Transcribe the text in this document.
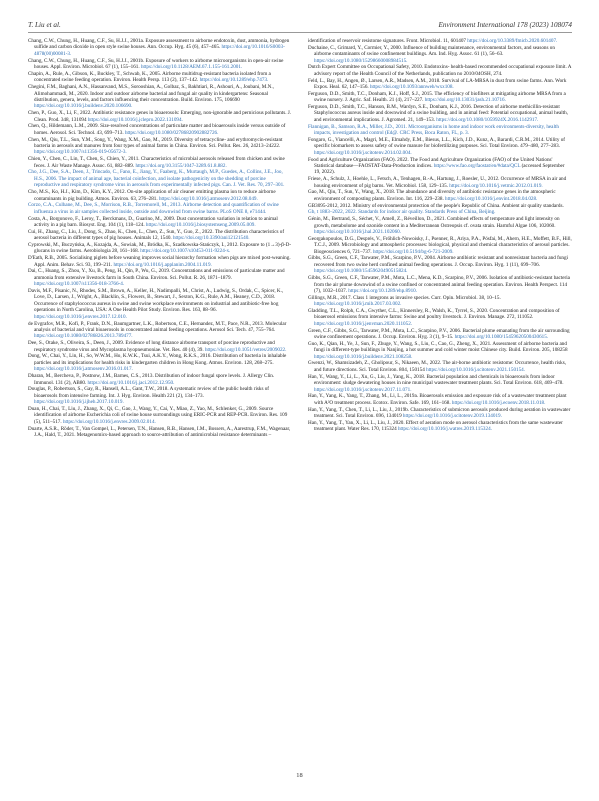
T. Liu et al.	Environment International 178 (2023) 108074

Chang, C.W., Chung, H., Huang, C.F., Su, H.J.J., 2001a. Exposure assessment to airborne endotoxin, dust, ammonia, hydrogen sulfide and carbon dioxide in open style swine houses. Ann. Occup. Hyg. 45 (6), 457–465. https://doi.org/10.1016/S0003-4878(00)00081-3.

Chang, C.W., Chung, H., Huang, C.F., Su, H.J.J., 2001b. Exposure of workers to airborne microorganisms in open-air swine houses. Appl. Environ. Microbiol. 67 (1), 155–161. https://doi.org/10.1128/AEM.67.1.155-161.2001.

Chapin, A., Rule, A., Gibson, K., Buckley, T., Schwab, K., 2005. Airborne multidrug-resistant bacteria isolated from a concentrated swine feeding operation. Environ. Health Persp. 113 (2), 137–142. https://doi.org/10.1289/ehp.7473.

Chegini, F.M., Baghani, A.N., Hassanvand, M.S., Sorooshian, A., Golbaz, S., Bakhtiari, R., Ashouri, A., Joubani, M.N., Alimohammadi, M., 2020. Indoor and outdoor airborne bacterial and fungal air quality in kindergartens: Seasonal distribution, genera, levels, and factors influencing their concentration. Build. Environ. 175, 106690 https://doi.org/10.1016/j.buildenv.2020.106690.

Chen, P., Guo, X., Li, F., 2022. Antibiotic resistance genes in bioaerosols: Emerging, non-ignorable and pernicious pollutants. J. Clean. Prod. 348, 131094 https://doi.org/10.1016/j.jclepro.2022.131094.

Chen, Q., Hildemann, L.M., 2009. Size-resolved concentrations of particulate matter and bioaerosols inside versus outside of homes. Aerosol. Sci. Technol. 43, 699–713. https://doi.org/10.1080/02786820902882726.

Chen, M., Qiu, T.L., Sun, Y.M., Song, Y., Wang, X.M., Gao, M., 2019. Diversity of tetracycline- and erythromycin-resistant bacteria in aerosols and manures from four types of animal farms in China. Environ. Sci. Pollut. Res. 26, 24213–24222. https://doi.org/10.1007/s11356-019-05672-3.

Chien, Y., Chen, C., Lin, T., Chen, S., Chien, Y., 2011. Characteristics of microbial aerosols released from chicken and swine feces. J. Air Waste Manage. Assoc. 61, 882–889. https://doi.org/10.3155/1047-3289.61.8.882.

Cho, J.G., Dee, S.A., Deen, J., Trincado, C., Fano, E., Jiang, Y., Faaberg, K., Murtaugh, M.P., Guedes, A., Collins, J.E., Joo, H.S., 2006. The impact of animal age, bacterial coinfection, and isolate pathogenicity on the shedding of porcine reproductive and respiratory syndrome virus in aerosols from experimentally infected pigs. Can. J. Vet. Res. 70, 297–301.

Cho, M.S., Ko, H.J., Kim, D., Kim, K.Y., 2012. On-site application of air cleaner emitting plasma ion to reduce airborne contaminants in pig building. Atmos. Environ. 63, 276–281. https://doi.org/10.1016/j.atmosenv.2012.08.049.

Corzo, C.A., Culhane, M., Dee, S., Morrison, R.B., Torremorell, M., 2013. Airborne detection and quantification of swine influenza a virus in air samples collected inside, outside and downwind from swine barns. PLoS ONE 8, e71444.

Costa, A., Borgonovo, F., Leroy, T., Berckmans, D., Guarino, M., 2009. Dust concentration variation in relation to animal activity in a pig barn. Biosyst. Eng. 104 (1), 118–124. https://doi.org/10.1016/j.biosystemseng.2009.05.009.

Cui, H., Zhang, C., Liu, J., Dong, S., Zhao, K., Chen, L., Chen, Z., Sun, Y., Guo, Z., 2022. The distribution characteristics of aerosol bacteria in different types of pig houses. Animals 12, 1540. https://doi.org/10.3390/ani12121540.

Cyprowski, M., Buczyńska, A., Kozajda, A., Sowiak, M., Bródka, K., Szadkowska-Stańczyk, I., 2012. Exposure to (1→3)-β-D-glucans in swine farms. Aerobiologia 28, 161–168. https://doi.org/10.1007/s10453-011-9224-x.

D'Eath, R.B., 2005. Socialising piglets before weaning improves social hierarchy formation when pigs are mixed post-weaning. Appl. Anim. Behav. Sci. 93, 199–211. https://doi.org/10.1016/j.applanim.2004.11.019.

Dai, C., Huang, S., Zhou, Y., Xu, B., Peng, H., Qin, P., Wu, G., 2019. Concentrations and emissions of particulate matter and ammonia from extensive livestock farm in South China. Environ. Sci. Pollut. R. 26, 1871–1879. https://doi.org/10.1007/s11356-018-3766-4.

Davis, M.F., Pisanic, N., Rhodes, S.M., Brown, A., Keller, H., Nadimpalli, M., Christ, A., Ludwig, S., Ordak, C., Spicer, K., Love, D., Larsen, J., Wright, A., Blacklin, S., Flowers, B., Stewart, J., Sexton, K.G., Rule, A.M., Heaney, C.D., 2018. Occurrence of staphylococcus aureus in swine and swine workplace environments on industrial and antibiotic-free hog operations in North Carolina, USA: A One Health Pilot Study. Environ. Res. 163, 88–96. https://doi.org/10.1016/j.envres.2017.12.010.

de Evgrafov, M.R., Kofi, P., Frank, D.N., Baumgartner, L.K., Robertson, C.E., Hernandez, M.T., Pace, N.R., 2013. Molecular analysis of bacterial and viral bioaerosols in concentrated animal feeding operations. Aerosol Sci. Tech. 47, 755–764. https://doi.org/10.1080/02786826.2013.789477.

Dee, S., Otake, S., Oliveira, S., Deen, J., 2009. Evidence of long distance airborne transport of porcine reproductive and respiratory syndrome virus and Mycoplasma hyopneumoniae. Vet. Res. 40 (4), 39. https://doi.org/10.1051/vetres/2009022.

Dong, W., Chai, Y., Lin, H., So, W.W.M., Ho, K.W.K., Tsui, A.K.Y., Wong, R.K.S., 2016. Distribution of bacteria in inhalable particles and its implications for health risks in kindergarten children in Hong Kong. Atmos. Environ. 128, 268–275. https://doi.org/10.1016/j.atmosenv.2016.01.017.

Dharan, M., Bercheva, P., Postnow, J.M., Barnes, C.S., 2013. Distribution of indoor fungal spore levels. J. Allergy Clin. Immunol. 131 (2), AB80. https://doi.org/10.1016/j.jaci.2012.12.950.

Douglas, P., Robertson, S., Gay, R., Hansell, A.L., Gant, T.W., 2018. A systematic review of the public health risks of bioaerosols from intensive farming. Int. J. Hyg. Environ. Health 221 (2), 134–173. https://doi.org/10.1016/j.ijheh.2017.10.019.

Duan, H., Chai, T., Liu, J., Zhang, X., Qi, C., Gao, J., Wang, Y., Cai, Y., Miao, Z., Yao, M., Schlenker, G., 2009. Source identification of airborne Escherichia coli of swine house surroundings using ERIC-PCR and REP-PCR. Environ. Res. 109 (5), 511–517. https://doi.org/10.1016/j.envres.2009.02.014.

Duarte, A.S.R., Röder, T., Van Gompel, L., Petersen, T.N., Hansen, R.B., Hansen, I.M., Bossers, A., Aarestrup, F.M., Wagenaar, J.A., Hald, T., 2021. Metagenomics-based approach to source-attribution of antimicrobial resistance determinants –

identification of reservoir resistome signatures. Front. Microbiol. 11, 601407 https://doi.org/10.3389/fmicb.2020.601407.

Duchaine, C., Grimard, Y., Cormier, Y., 2000. Influence of building maintenance, environmental factors, and seasons on airborne contaminants of swine confinement buildings. Am. Ind. Hyg. Assoc. 61 (1), 56–63. https://doi.org/10.1080/15298660008984515.

Dutch Expert Committee on Occupational Safety, 2010. Endotoxins- health-based recommended occupational exposure limit. A advisory report of the Health Council of the Netherlands, publication no 2010/04OSH, 274.

Feld, L., Bay, H., Angen, Ø., Larsen, A.R., Madsen, A.M., 2018. Survival of LA-MRSA in dust from swine farms. Ann. Work Expos. Heal. 62, 147–156. https://doi.org/10.1093/annweh/wxx108.

Ferguson, D.D., Smith, T.C., Donham, K.J., Hoff, S.J., 2015. The efficiency of biofilters at mitigating airborne MRSA from a swine nursery. J. Agric. Saf. Health. 21 (4), 217–227. https://doi.org/10.13031/jash.21.10716.

Ferguson, D.D., Smith, T.C., Hanson, B.M., Wardyn, S.E., Donham, K.J., 2016. Detection of airborne methicillin-resistant Staphylococcus aureus inside and downwind of a swine building, and in animal feed: Potential occupational, animal health, and environmental implications. J. Agromed. 21, 149–153. https://doi.org/10.1080/1059924X.2016.1142917.

Flannigan, B., Samson, R.A., Miller, J.D., 2011. Microorganisms in home and indoor work environments-diversity, health impacts, investigation and control (Ed@. CRC Press, Boca Raton, FL, p. 3.

Fongaro, G., Viancelli, A., Magri, M.E., Elmahdy, E.M., Biesus, L.L., Kich, J.D., Kunz, A., Barardi, C.R.M., 2014. Utility of specific biomarkers to assess safety of swine manure for biofertilizing purposes. Sci. Total Environ. 479–480, 277–283. https://doi.org/10.1016/j.scitotenv.2014.02.004.

Food and Agriculture Organization (FAO). 2022. The Food and Agriculture Organization (FAO) of the United Nations' Statistical database—FAOSTAT-Data-Production indices. https://www.fao.org/faostat/en/#data/QCL (accessed September 19, 2022).

Friese, A., Schulz, J., Hoehle, L., Fetsch, A., Tenhagen, B.-A., Hartung, J., Roesler, U., 2012. Occurrence of MRSA in air and housing environment of pig barns. Vet. Microbiol. 158, 129–135. https://doi.org/10.1016/j.vetmic.2012.01.019.

Gao, M., Qiu, T., Sun, Y., Wang, X., 2018. The abundance and diversity of antibiotic resistance genes in the atmospheric environment of composting plants. Environ. Int. 116, 229–238. https://doi.org/10.1016/j.envint.2018.04.028.

GB3095-2012, 2012. Ministry of environmental protection of the people's Republic of China. Ambient air quality standards.

Gb, t 1883–2022, 2022. Standards for indoor air quality. Standards Press of China, Beijing.

Génin, M., Bertrand, S., Séchet, V., Amell, Z., Réveillon, D., 2021. Combined effects of temperature and light intensity on growth, metabolome and ozonide content in a Mediterranean Ostreopsis cf. ovata strain. Harmful Algae 106, 102060. https://doi.org/10.1016/j.hal.2021.102060.

Georgakopoulos, D.G., Després, V., Fröhlich-Nowoisky, J., Psenner, R., Ariya, P.A., Pósfai, M., Ahern, H.E., Moffett, B.F., Hill, T.C.J., 2009. Microbiology and atmospheric processes: biological, physical and chemical characteristics of aerosol particles. Biogeosciences 6, 721–737. https://doi.org/10.5194/bg-6-721-2009.

Gibbs, S.G., Green, C.F., Tarwater, P.M., Scarpino, P.V., 2004. Airborne antibiotic resistant and nonresistant bacteria and fungi recovered from two swine herd confined animal feeding operations. J. Occup. Environ. Hyg. 1 (11), 699–706. https://doi.org/10.1080/15459620490515824.

Gibbs, S.G., Green, C.F., Tarwater, P.M., Mota, L.C., Mena, K.D., Scarpino, P.V., 2006. Isolation of antibiotic-resistant bacteria from the air plume downwind of a swine confined or concentrated animal feeding operation. Environ. Health Perspect. 114 (7), 1032–1037. https://doi.org/10.1289/ehp.8910.

Gillings, M.R., 2017. Class 1 integrons as invasive species. Curr. Opin. Microbiol. 38, 10–15. https://doi.org/10.1016/j.mib.2017.03.002.

Gladding, T.L., Rolph, C.A., Gwyther, C.L., Kinnersley, R., Walsh, K., Tyrrel, S., 2020. Concentration and composition of bioaerosol emissions from intensive farms: Swine and poultry livestock. J. Environ. Manage. 272, 111052. https://doi.org/10.1016/j.jenvman.2020.111052.

Green, C.F., Gibbs, S.G., Tarwater, P.M., Mota, L.C., Scarpino, P.V., 2006. Bacterial plume emanating from the air surrounding swine confinement operations. J. Occup. Environ. Hyg. 3 (1), 9–15. https://doi.org/10.1080/15459620500430615.

Guo, K., Qian, H., Ye, J., Sun, F., Zhuge, Y., Wang, S., Liu, C., Cao, G., Zheng, X., 2021. Assessment of airborne bacteria and fungi in different-type buildings in Nanjing, a hot summer and cold winter moist Chinese city. Build. Environ. 205, 108258 https://doi.org/10.1016/j.buildenv.2021.108258.

Gwenzi, W., Shamsizadeh, Z., Gholipour, S., Nikaeen, M., 2022. The air-borne antibiotic resistome: Occurrence, health risks, and future directions. Sci. Total Environ. 804, 150154 https://doi.org/10.1016/j.scitotenv.2021.150154.

Han, Y., Wang, Y., Li, L., Xu, G., Liu, J., Yang, K., 2018. Bacterial population and chemicals in bioaerosols from indoor environment: sludge dewatering houses in nine municipal wastewater treatment plants. Sci. Total Environ. 618, 469–478. https://doi.org/10.1016/j.scitotenv.2017.11.071.

Han, Y., Yang, K., Yang, T., Zhang, M., Li, L., 2019a. Bioaerosols emission and exposure risk of a wastewater treatment plant with A²O treatment process. Ecotox. Environ. Safe. 169, 161–168. https://doi.org/10.1016/j.ecoenv.2018.11.018.

Han, Y., Yang, T., Chen, T., Li, L., Liu, J., 2019b. Characteristics of submicron aerosols produced during aeration in wastewater treatment. Sci. Total Environ. 696, 134019 https://doi.org/10.1016/j.scitotenv.2019.134019.

Han, Y., Yang, T., Yan, X., Li, L., Liu, J., 2020. Effect of aeration mode on aerosol characteristics from the same wastewater treatment plant. Water Res. 170, 115324 https://doi.org/10.1016/j.watres.2019.115324.

18
